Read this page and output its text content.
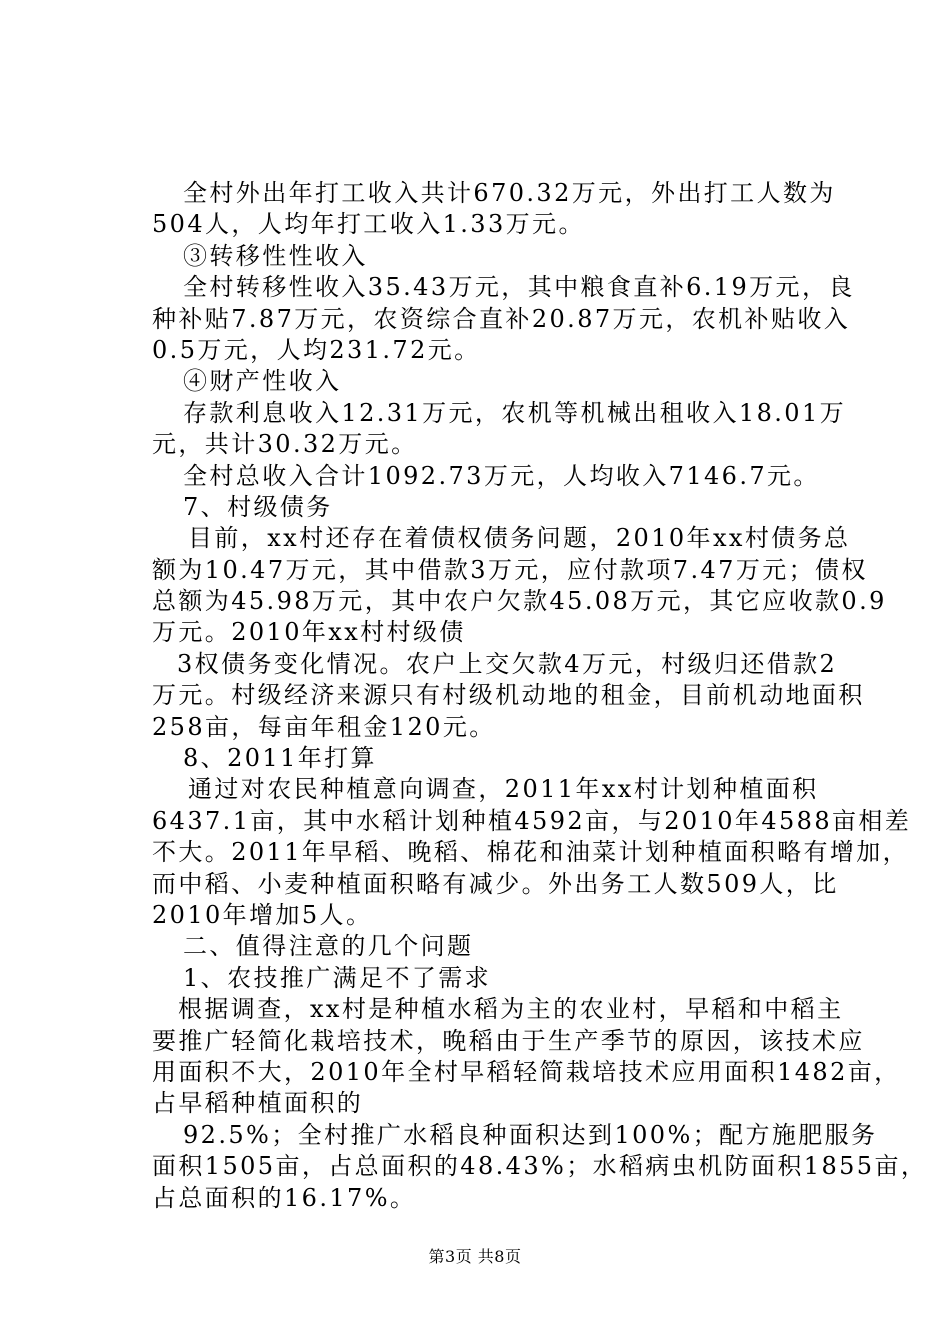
全村外出年打工收入共计670.32万元，外出打工人数为
504人，人均年打工收入1.33万元。
③转移性性收入
全村转移性收入35.43万元，其中粮食直补6.19万元，良
种补贴7.87万元，农资综合直补20.87万元，农机补贴收入
0.5万元，人均231.72元。
④财产性收入
存款利息收入12.31万元，农机等机械出租收入18.01万
元，共计30.32万元。
全村总收入合计1092.73万元，人均收入7146.7元。
7、村级债务
目前，xx村还存在着债权债务问题，2010年xx村债务总
额为10.47万元，其中借款3万元，应付款项7.47万元；债权
总额为45.98万元，其中农户欠款45.08万元，其它应收款0.9
万元。2010年xx村村级债
3权债务变化情况。农户上交欠款4万元，村级归还借款2
万元。村级经济来源只有村级机动地的租金，目前机动地面积
258亩，每亩年租金120元。
8、2011年打算
通过对农民种植意向调查，2011年xx村计划种植面积
6437.1亩，其中水稻计划种植4592亩，与2010年4588亩相差
不大。2011年早稻、晚稻、棉花和油菜计划种植面积略有增加，
而中稻、小麦种植面积略有减少。外出务工人数509人，比
2010年增加5人。
二、值得注意的几个问题
1、农技推广满足不了需求
根据调查，xx村是种植水稻为主的农业村，早稻和中稻主
要推广轻简化栽培技术，晚稻由于生产季节的原因，该技术应
用面积不大，2010年全村早稻轻简栽培技术应用面积1482亩，
占早稻种植面积的
92.5%；全村推广水稻良种面积达到100%；配方施肥服务
面积1505亩，占总面积的48.43%；水稻病虫机防面积1855亩，
占总面积的16.17%。
第3页 共8页
